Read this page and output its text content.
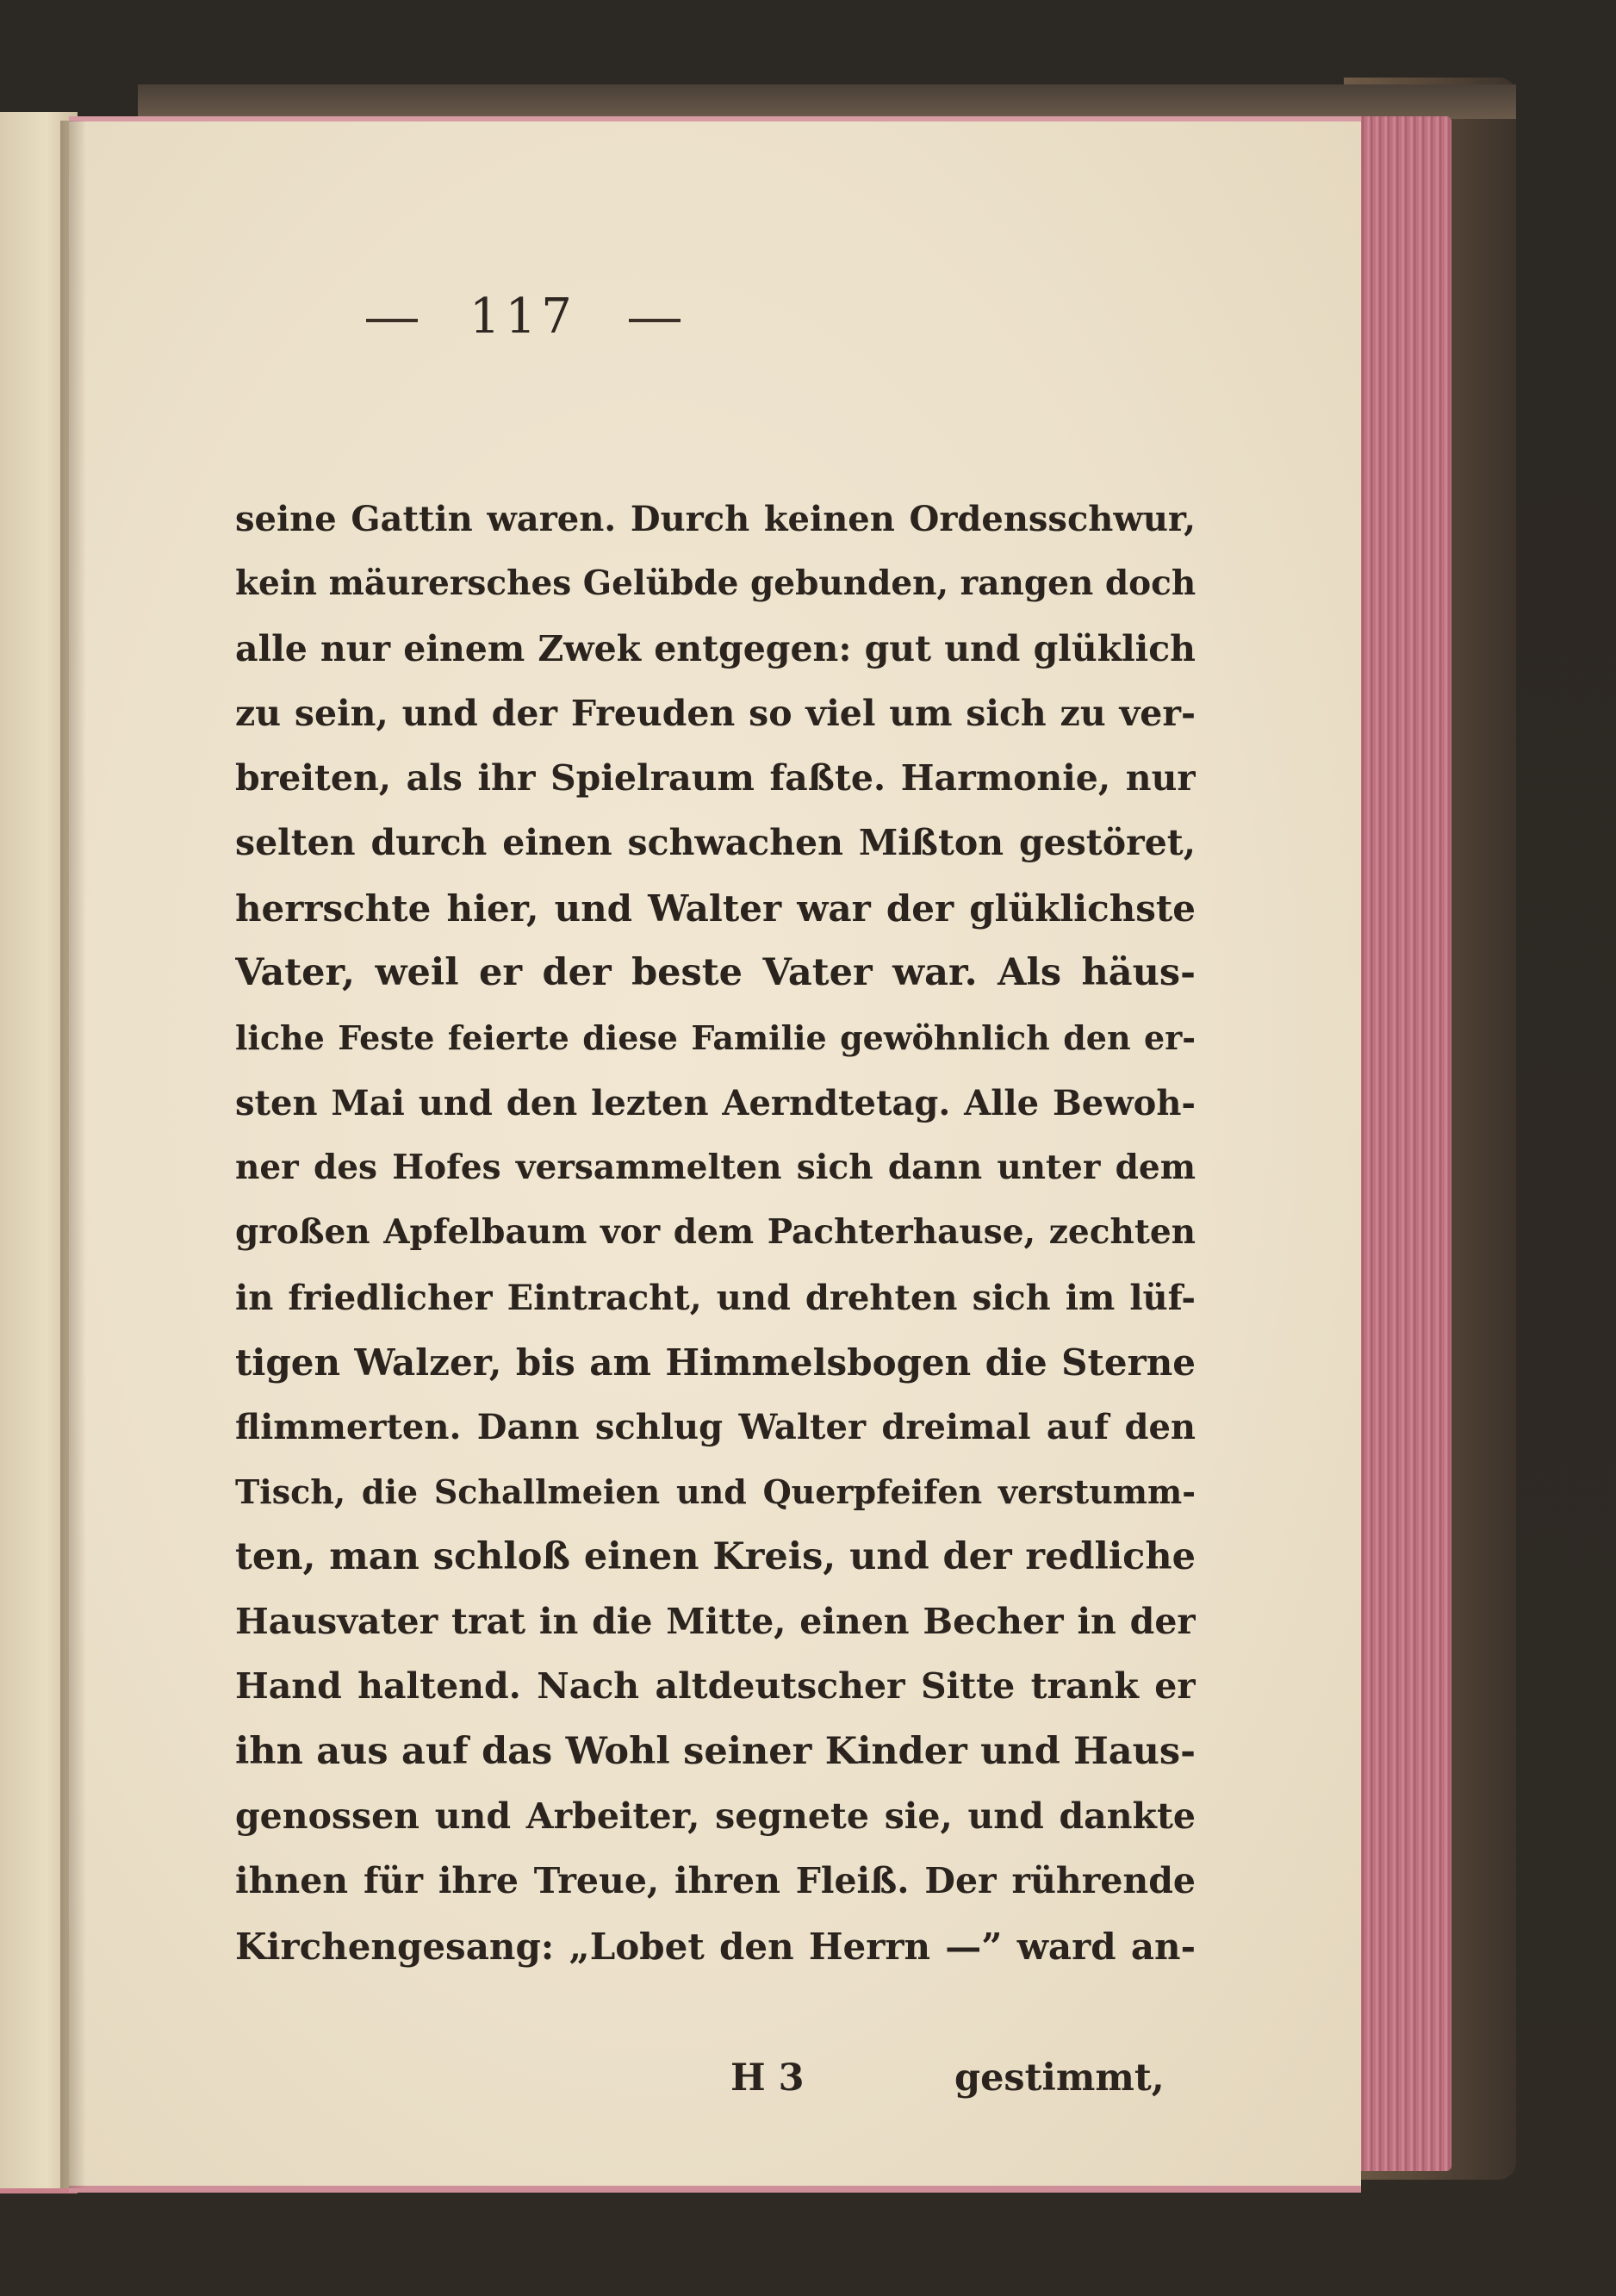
117
seine Gattin waren. Durch keinen Ordensschwur,
kein mäurersches Gelübde gebunden, rangen doch
alle nur einem Zwek entgegen: gut und glüklich
zu sein, und der Freuden so viel um sich zu ver-
breiten, als ihr Spielraum faßte. Harmonie, nur
selten durch einen schwachen Mißton gestöret,
herrschte hier, und Walter war der glüklichste
Vater, weil er der beste Vater war. Als häus-
liche Feste feierte diese Familie gewöhnlich den er-
sten Mai und den lezten Aerndtetag. Alle Bewoh-
ner des Hofes versammelten sich dann unter dem
großen Apfelbaum vor dem Pachterhause, zechten
in friedlicher Eintracht, und drehten sich im lüf-
tigen Walzer, bis am Himmelsbogen die Sterne
flimmerten. Dann schlug Walter dreimal auf den
Tisch, die Schallmeien und Querpfeifen verstumm-
ten, man schloß einen Kreis, und der redliche
Hausvater trat in die Mitte, einen Becher in der
Hand haltend. Nach altdeutscher Sitte trank er
ihn aus auf das Wohl seiner Kinder und Haus-
genossen und Arbeiter, segnete sie, und dankte
ihnen für ihre Treue, ihren Fleiß. Der rührende
Kirchengesang: „Lobet den Herrn —” ward an-
H 3	gestimmt,
